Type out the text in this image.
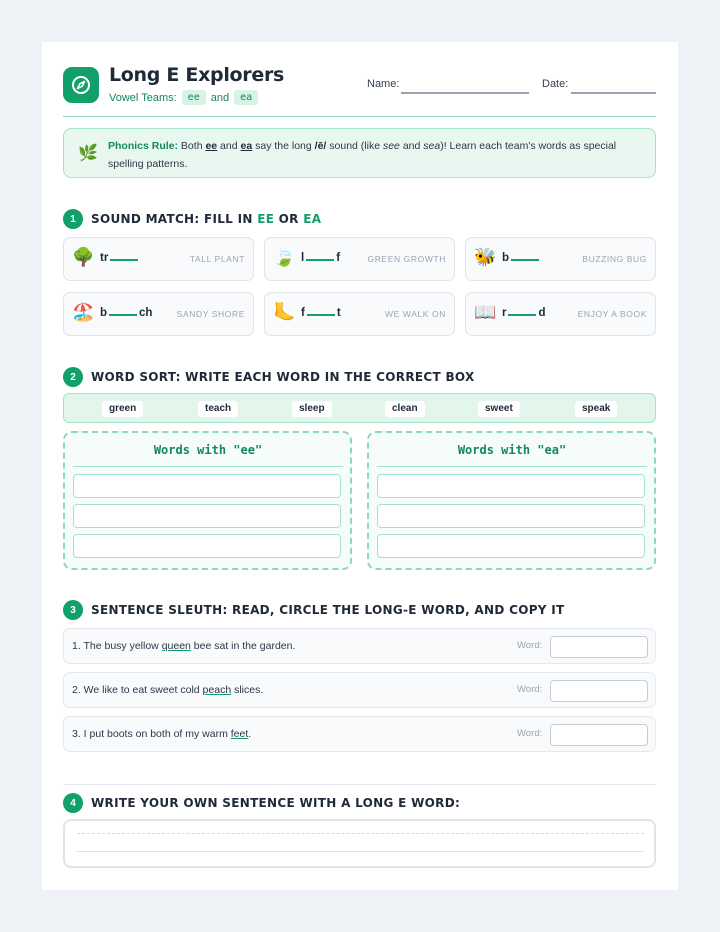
Long E Explorers
Vowel Teams:	ee	and	ea
Name:	Date:
🌿 Phonics Rule: Both ee and ea say the long /ē/ sound (like see and sea)! Learn each team's words as special spelling patterns.
1	SOUND MATCH: FILL IN EE OR EA
🌳 tr	TALL PLANT 🍃 l	f	GREEN GROWTH 🐝 b	BUZZING BUG
🏖️ b	ch	SANDY SHORE 🦶 f	t	WE WALK ON 📖 r	d	ENJOY A BOOK
2	WORD SORT: WRITE EACH WORD IN THE CORRECT BOX
green	teach	sleep	clean	sweet	speak
Words with "ee"	Words with "ea"
3	SENTENCE SLEUTH: READ, CIRCLE THE LONG-E WORD, AND COPY IT
1. The busy yellow queen bee sat in the garden.	Word:
2. We like to eat sweet cold peach slices.	Word:
3. I put boots on both of my warm feet.	Word:
4	WRITE YOUR OWN SENTENCE WITH A LONG E WORD:
